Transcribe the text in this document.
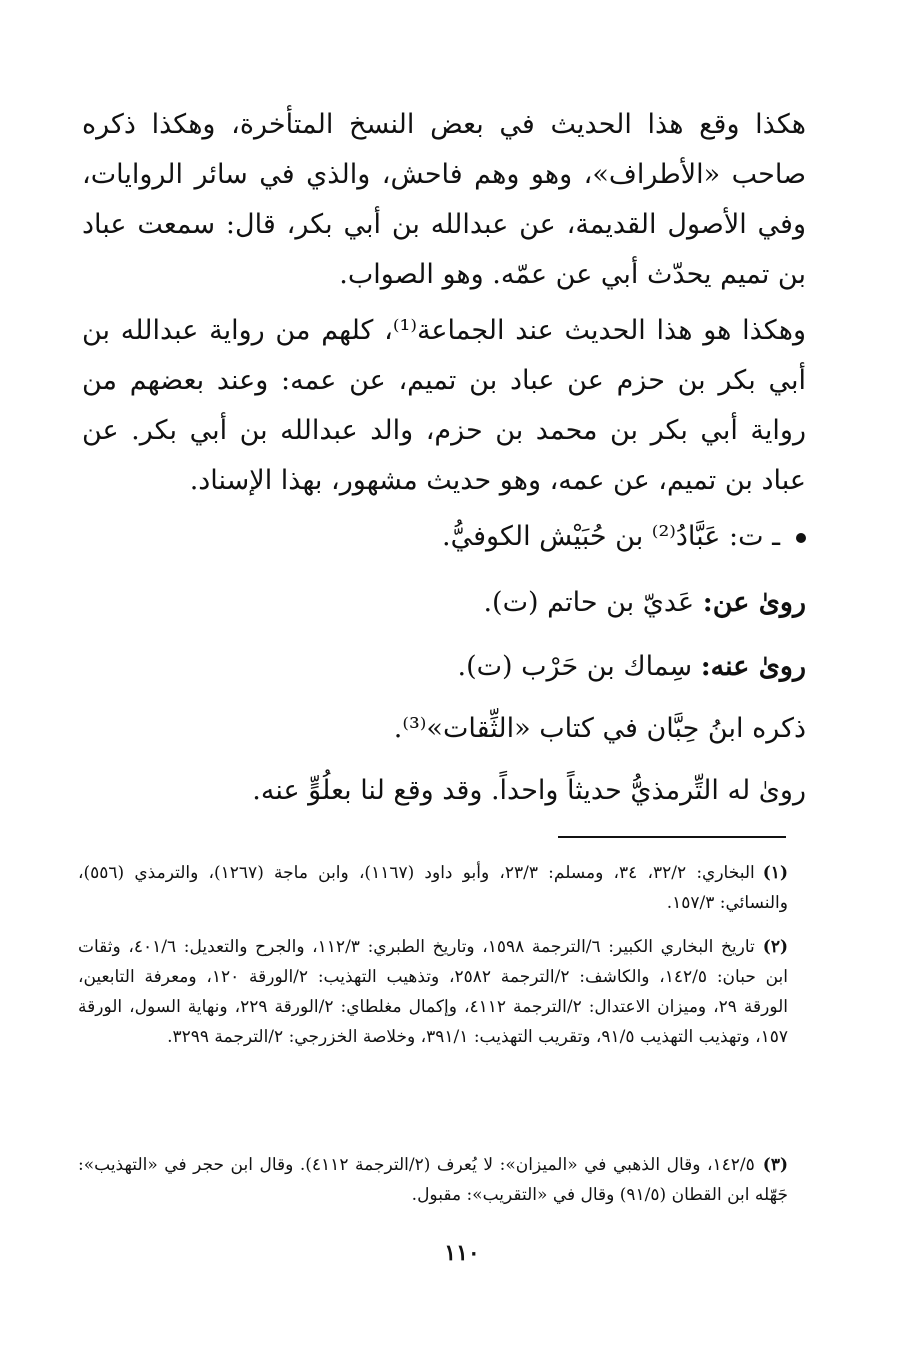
هكذا وقع هذا الحديث في بعض النسخ المتأخرة، وهكذا ذكره صاحب «الأطراف»، وهو وهم فاحش، والذي في سائر الروايات، وفي الأصول القديمة، عن عبدالله بن أبي بكر، قال: سمعت عباد بن تميم يحدّث أبي عن عمّه. وهو الصواب.
وهكذا هو هذا الحديث عند الجماعة⁽¹⁾، كلهم من رواية عبدالله بن أبي بكر بن حزم عن عباد بن تميم، عن عمه: وعند بعضهم من رواية أبي بكر بن محمد بن حزم، والد عبدالله بن أبي بكر. عن عباد بن تميم، عن عمه، وهو حديث مشهور، بهذا الإسناد.
ـ ت: عَبَّادُ⁽²⁾ بن حُبَيْش الكوفيُّ.
روىٰ عن: عَديّ بن حاتم (ت).
روىٰ عنه: سِماك بن حَرْب (ت).
ذكره ابنُ حِبَّان في كتاب «الثِّقات»⁽³⁾.
روىٰ له التِّرمذيُّ حديثاً واحداً. وقد وقع لنا بعلُوٍّ عنه.
(١)البخاري: ٣٢/٢، ٣٤، ومسلم: ٢٣/٣، وأبو داود (١١٦٧)، وابن ماجة (١٢٦٧)، والترمذي (٥٥٦)، والنسائي: ١٥٧/٣.
(٢)تاريخ البخاري الكبير: ٦/الترجمة ١٥٩٨، وتاريخ الطبري: ١١٢/٣، والجرح والتعديل: ٤٠١/٦، وثقات ابن حبان: ١٤٢/٥، والكاشف: ٢/الترجمة ٢٥٨٢، وتذهيب التهذيب: ٢/الورقة ١٢٠، ومعرفة التابعين، الورقة ٢٩، وميزان الاعتدال: ٢/الترجمة ٤١١٢، وإكمال مغلطاي: ٢/الورقة ٢٢٩، ونهاية السول، الورقة ١٥٧، وتهذيب التهذيب ٩١/٥، وتقريب التهذيب: ٣٩١/١، وخلاصة الخزرجي: ٢/الترجمة ٣٢٩٩.
(٣)١٤٢/٥، وقال الذهبي في «الميزان»: لا يُعرف (٢/الترجمة ٤١١٢). وقال ابن حجر في «التهذيب»: جَهّله ابن القطان (٩١/٥) وقال في «التقريب»: مقبول.
١١٠
